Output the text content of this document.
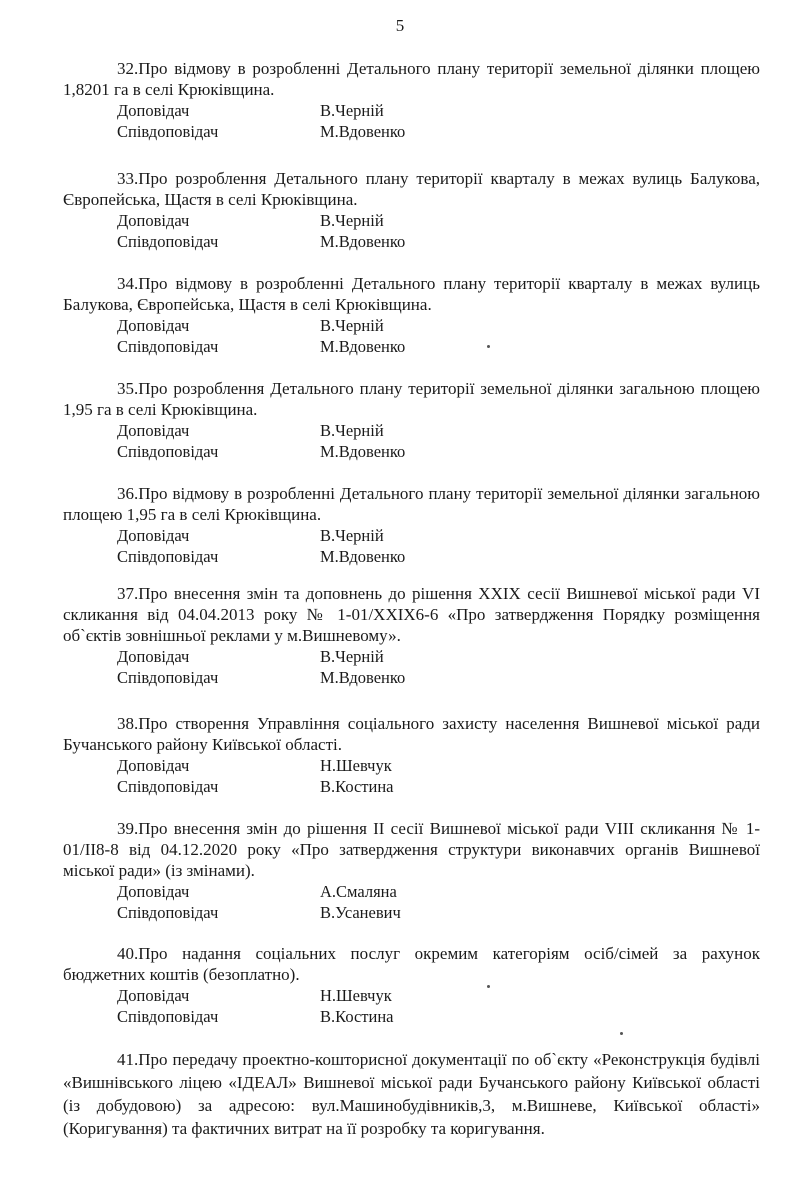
5

32.Про відмову в розробленні Детального плану території земельної ділянки площею 1,8201 га в селі Крюківщина.

Доповідач	В.Черній
Співдоповідач	М.Вдовенко

33.Про розроблення Детального плану території кварталу в межах вулиць Балукова, Європейська, Щастя в селі Крюківщина.

Доповідач	В.Черній
Співдоповідач	М.Вдовенко

34.Про відмову в розробленні Детального плану території кварталу в межах вулиць Балукова, Європейська, Щастя в селі Крюківщина.

Доповідач	В.Черній
Співдоповідач	М.Вдовенко

35.Про розроблення Детального плану території земельної ділянки загальною площею 1,95 га в селі Крюківщина.

Доповідач	В.Черній
Співдоповідач	М.Вдовенко

36.Про відмову в розробленні Детального плану території земельної ділянки загальною площею 1,95 га в селі Крюківщина.

Доповідач	В.Черній
Співдоповідач	М.Вдовенко

37.Про внесення змін та доповнень до рішення XXIX сесії Вишневої міської ради VI скликання від 04.04.2013 року № 1-01/XXIX6-6 «Про затвердження Порядку розміщення об`єктів зовнішньої реклами у м.Вишневому».

Доповідач	В.Черній
Співдоповідач	М.Вдовенко

38.Про створення Управління соціального захисту населення Вишневої міської ради Бучанського району Київської області.

Доповідач	Н.Шевчук
Співдоповідач	В.Костина

39.Про внесення змін до рішення II сесії Вишневої міської ради VIII скликання № 1-01/II8-8 від 04.12.2020 року «Про затвердження структури виконавчих органів Вишневої міської ради» (із змінами).

Доповідач	А.Смаляна
Співдоповідач	В.Усаневич

40.Про надання соціальних послуг окремим категоріям осіб/сімей за рахунок бюджетних коштів (безоплатно).

Доповідач	Н.Шевчук
Співдоповідач	В.Костина

41.Про передачу проектно-кошторисної документації по об`єкту «Реконструкція будівлі «Вишнівського ліцею «ІДЕАЛ» Вишневої міської ради Бучанського району Київської області (із добудовою) за адресою: вул.Машинобудівників,3, м.Вишневе, Київської області» (Коригування) та фактичних витрат на її розробку та коригування.
